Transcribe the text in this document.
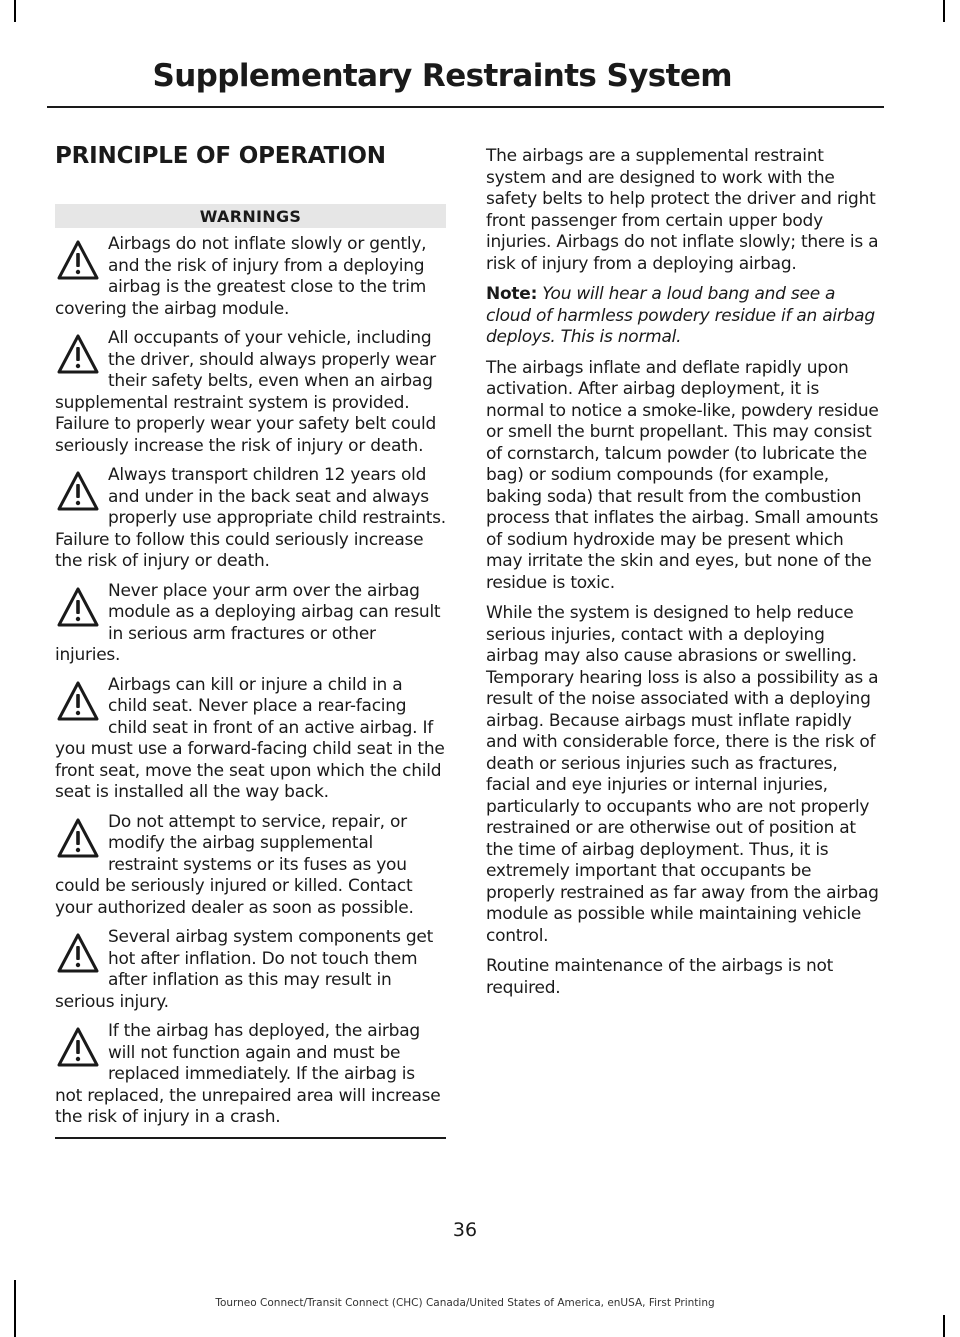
Supplementary Restraints System
PRINCIPLE OF OPERATION
WARNINGS
Airbags do not inflate slowly or gently, and the risk of injury from a deploying airbag is the greatest close to the trim covering the airbag module.
All occupants of your vehicle, including the driver, should always properly wear their safety belts, even when an airbag supplemental restraint system is provided. Failure to properly wear your safety belt could seriously increase the risk of injury or death.
Always transport children 12 years old and under in the back seat and always properly use appropriate child restraints. Failure to follow this could seriously increase the risk of injury or death.
Never place your arm over the airbag module as a deploying airbag can result in serious arm fractures or other injuries.
Airbags can kill or injure a child in a child seat. Never place a rear-facing child seat in front of an active airbag. If you must use a forward-facing child seat in the front seat, move the seat upon which the child seat is installed all the way back.
Do not attempt to service, repair, or modify the airbag supplemental restraint systems or its fuses as you could be seriously injured or killed. Contact your authorized dealer as soon as possible.
Several airbag system components get hot after inflation. Do not touch them after inflation as this may result in serious injury.
If the airbag has deployed, the airbag will not function again and must be replaced immediately. If the airbag is not replaced, the unrepaired area will increase the risk of injury in a crash.

The airbags are a supplemental restraint system and are designed to work with the safety belts to help protect the driver and right front passenger from certain upper body injuries. Airbags do not inflate slowly; there is a risk of injury from a deploying airbag.

Note: You will hear a loud bang and see a cloud of harmless powdery residue if an airbag deploys. This is normal.

The airbags inflate and deflate rapidly upon activation. After airbag deployment, it is normal to notice a smoke-like, powdery residue or smell the burnt propellant. This may consist of cornstarch, talcum powder (to lubricate the bag) or sodium compounds (for example, baking soda) that result from the combustion process that inflates the airbag. Small amounts of sodium hydroxide may be present which may irritate the skin and eyes, but none of the residue is toxic.

While the system is designed to help reduce serious injuries, contact with a deploying airbag may also cause abrasions or swelling. Temporary hearing loss is also a possibility as a result of the noise associated with a deploying airbag. Because airbags must inflate rapidly and with considerable force, there is the risk of death or serious injuries such as fractures, facial and eye injuries or internal injuries, particularly to occupants who are not properly restrained or are otherwise out of position at the time of airbag deployment. Thus, it is extremely important that occupants be properly restrained as far away from the airbag module as possible while maintaining vehicle control.

Routine maintenance of the airbags is not required.

36
Tourneo Connect/Transit Connect (CHC) Canada/United States of America, enUSA, First Printing
